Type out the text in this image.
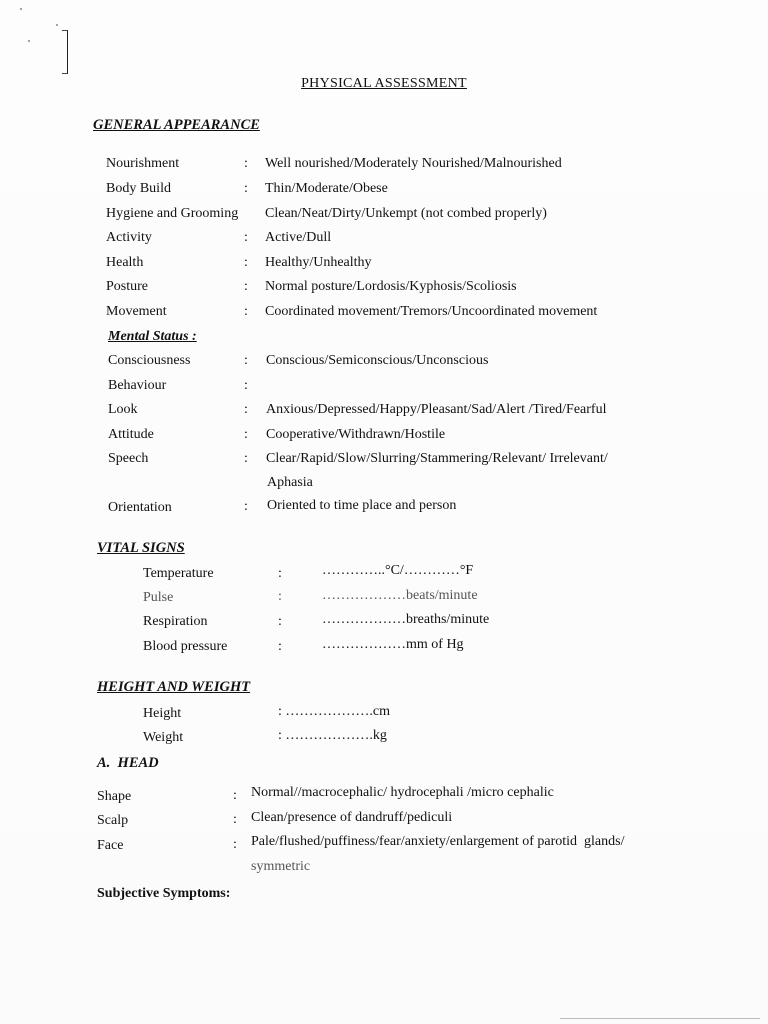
PHYSICAL ASSESSMENT
GENERAL APPEARANCE
Nourishment	: Well nourished/Moderately Nourished/Malnourished
Body Build	: Thin/Moderate/Obese
Hygiene and Grooming Clean/Neat/Dirty/Unkempt (not combed properly)
Activity	: Active/Dull
Health	: Healthy/Unhealthy
Posture	: Normal posture/Lordosis/Kyphosis/Scoliosis
Movement	: Coordinated movement/Tremors/Uncoordinated movement
Mental Status :
Consciousness	: Conscious/Semiconscious/Unconscious
Behaviour	:
Look	: Anxious/Depressed/Happy/Pleasant/Sad/Alert /Tired/Fearful
Attitude	: Cooperative/Withdrawn/Hostile
Speech	: Clear/Rapid/Slow/Slurring/Stammering/Relevant/ Irrelevant/
Aphasia
Orientation	: Oriented to time place and person
VITAL SIGNS
Temperature	:	…………..°C/…………°F
Pulse	:	………………beats/minute
Respiration	:	………………breaths/minute
Blood pressure	:	………………mm of Hg
HEIGHT AND WEIGHT
Height	: ……………….cm
Weight	: ……………….kg
A.  HEAD
Shape	: Normal//macrocephalic/ hydrocephali /micro cephalic
Scalp	: Clean/presence of dandruff/pediculi
Face	: Pale/flushed/puffiness/fear/anxiety/enlargement of parotid  glands/
symmetric
Subjective Symptoms:
